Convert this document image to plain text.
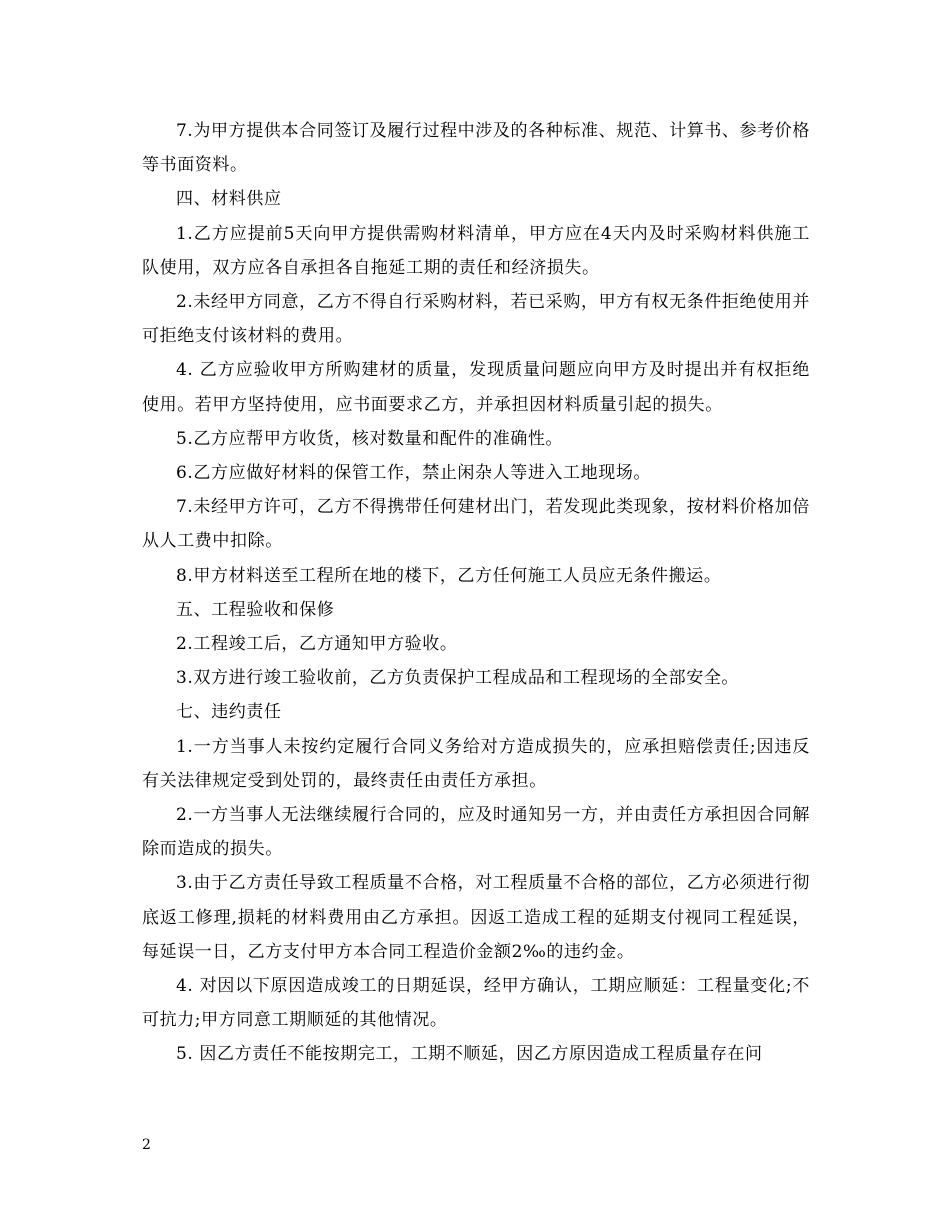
7.为甲方提供本合同签订及履行过程中涉及的各种标准、规范、计算书、参考价格等书面资料。

四、材料供应

1.乙方应提前5天向甲方提供需购材料清单，甲方应在4天内及时采购材料供施工队使用，双方应各自承担各自拖延工期的责任和经济损失。

2.未经甲方同意，乙方不得自行采购材料，若已采购，甲方有权无条件拒绝使用并可拒绝支付该材料的费用。

4. 乙方应验收甲方所购建材的质量，发现质量问题应向甲方及时提出并有权拒绝使用。若甲方坚持使用，应书面要求乙方，并承担因材料质量引起的损失。

5.乙方应帮甲方收货，核对数量和配件的准确性。

6.乙方应做好材料的保管工作，禁止闲杂人等进入工地现场。

7.未经甲方许可，乙方不得携带任何建材出门，若发现此类现象，按材料价格加倍从人工费中扣除。

8.甲方材料送至工程所在地的楼下，乙方任何施工人员应无条件搬运。

五、工程验收和保修

2.工程竣工后，乙方通知甲方验收。

3.双方进行竣工验收前，乙方负责保护工程成品和工程现场的全部安全。

七、违约责任

1.一方当事人未按约定履行合同义务给对方造成损失的，应承担赔偿责任;因违反有关法律规定受到处罚的，最终责任由责任方承担。

2.一方当事人无法继续履行合同的，应及时通知另一方，并由责任方承担因合同解除而造成的损失。

3.由于乙方责任导致工程质量不合格，对工程质量不合格的部位，乙方必须进行彻底返工修理,损耗的材料费用由乙方承担。因返工造成工程的延期支付视同工程延误，每延误一日，乙方支付甲方本合同工程造价金额2‰的违约金。

4. 对因以下原因造成竣工的日期延误，经甲方确认，工期应顺延：工程量变化;不可抗力;甲方同意工期顺延的其他情况。

5. 因乙方责任不能按期完工，工期不顺延，因乙方原因造成工程质量存在问

2
